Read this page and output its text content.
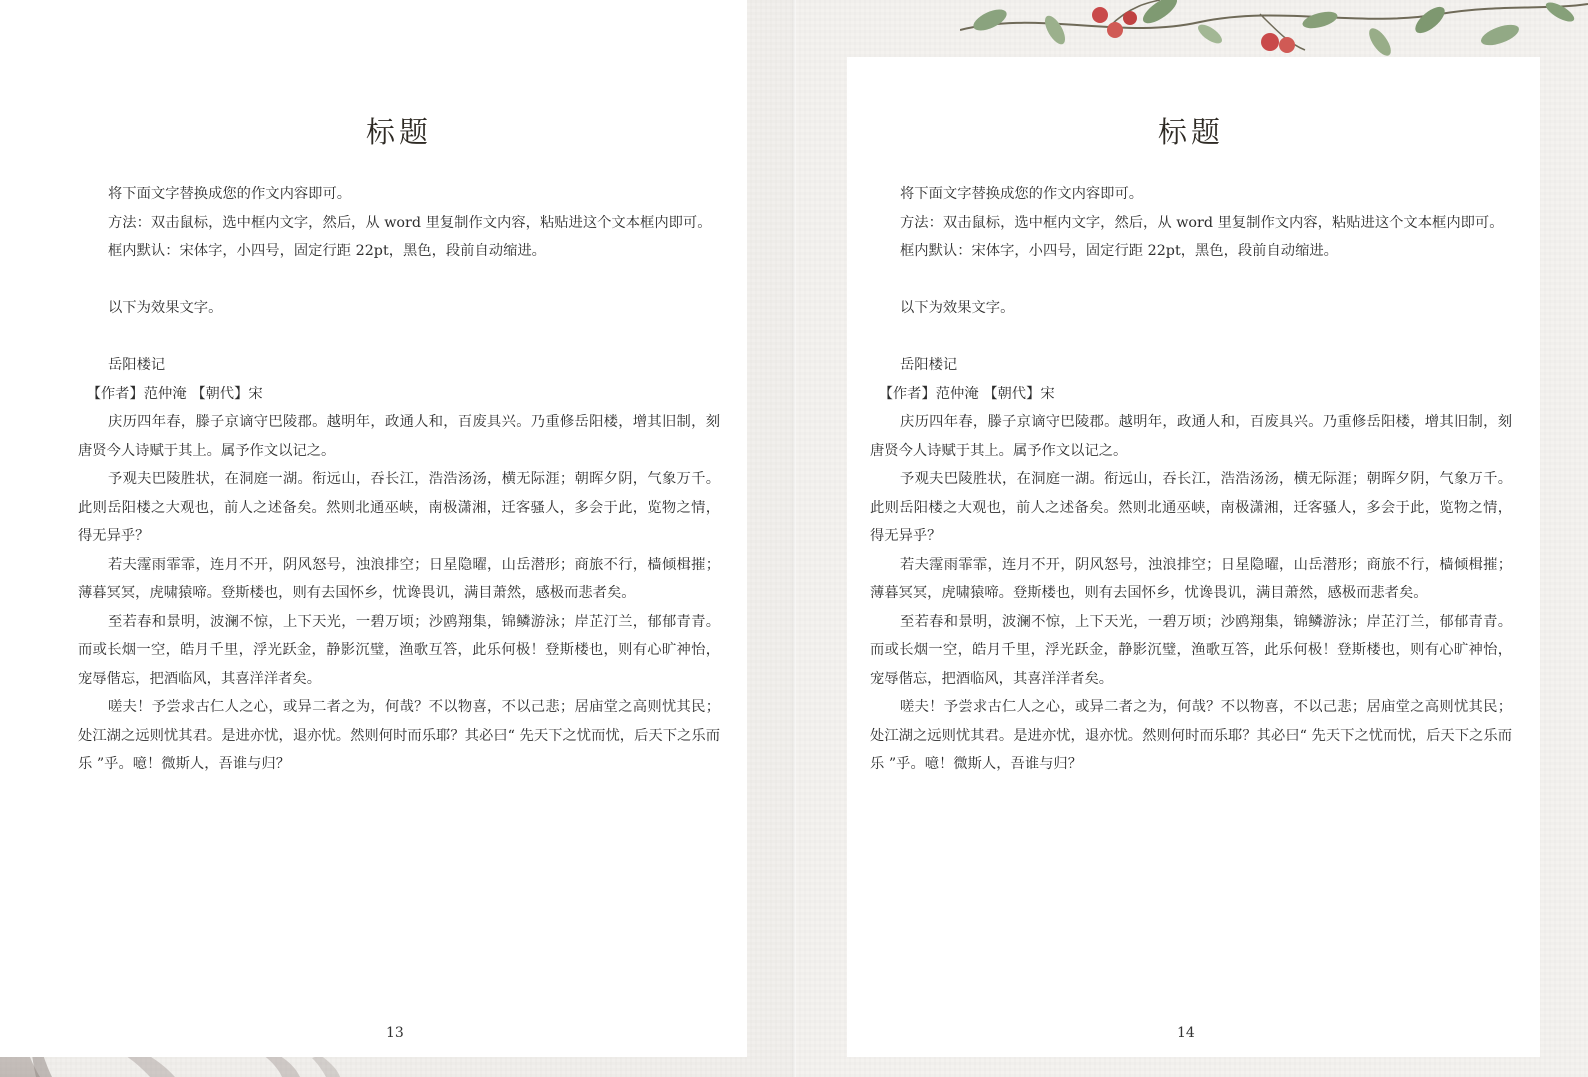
标题

将下面文字替换成您的作文内容即可。

方法：双击鼠标，选中框内文字，然后，从 word 里复制作文内容，粘贴进这个文本框内即可。

框内默认：宋体字，小四号，固定行距 22pt，黑色，段前自动缩进。

以下为效果文字。

岳阳楼记

【作者】范仲淹 【朝代】宋

庆历四年春，滕子京谪守巴陵郡。越明年，政通人和，百废具兴。乃重修岳阳楼，增其旧制，刻唐贤今人诗赋于其上。属予作文以记之。

予观夫巴陵胜状，在洞庭一湖。衔远山，吞长江，浩浩汤汤，横无际涯；朝晖夕阴，气象万千。此则岳阳楼之大观也，前人之述备矣。然则北通巫峡，南极潇湘，迁客骚人，多会于此，览物之情，得无异乎？

若夫霪雨霏霏，连月不开，阴风怒号，浊浪排空；日星隐曜，山岳潜形；商旅不行，樯倾楫摧；薄暮冥冥，虎啸猿啼。登斯楼也，则有去国怀乡，忧谗畏讥，满目萧然，感极而悲者矣。

至若春和景明，波澜不惊，上下天光，一碧万顷；沙鸥翔集，锦鳞游泳；岸芷汀兰，郁郁青青。而或长烟一空，皓月千里，浮光跃金，静影沉璧，渔歌互答，此乐何极！登斯楼也，则有心旷神怡，宠辱偕忘，把酒临风，其喜洋洋者矣。

嗟夫！予尝求古仁人之心，或异二者之为，何哉？不以物喜，不以己悲；居庙堂之高则忧其民；处江湖之远则忧其君。是进亦忧，退亦忧。然则何时而乐耶？其必曰“ 先天下之忧而忧，后天下之乐而乐 ”乎。噫！微斯人，吾谁与归？

13
标题

将下面文字替换成您的作文内容即可。

方法：双击鼠标，选中框内文字，然后，从 word 里复制作文内容，粘贴进这个文本框内即可。

框内默认：宋体字，小四号，固定行距 22pt，黑色，段前自动缩进。

以下为效果文字。

岳阳楼记

【作者】范仲淹 【朝代】宋

庆历四年春，滕子京谪守巴陵郡。越明年，政通人和，百废具兴。乃重修岳阳楼，增其旧制，刻唐贤今人诗赋于其上。属予作文以记之。

予观夫巴陵胜状，在洞庭一湖。衔远山，吞长江，浩浩汤汤，横无际涯；朝晖夕阴，气象万千。此则岳阳楼之大观也，前人之述备矣。然则北通巫峡，南极潇湘，迁客骚人，多会于此，览物之情，得无异乎？

若夫霪雨霏霏，连月不开，阴风怒号，浊浪排空；日星隐曜，山岳潜形；商旅不行，樯倾楫摧；薄暮冥冥，虎啸猿啼。登斯楼也，则有去国怀乡，忧谗畏讥，满目萧然，感极而悲者矣。

至若春和景明，波澜不惊，上下天光，一碧万顷；沙鸥翔集，锦鳞游泳；岸芷汀兰，郁郁青青。而或长烟一空，皓月千里，浮光跃金，静影沉璧，渔歌互答，此乐何极！登斯楼也，则有心旷神怡，宠辱偕忘，把酒临风，其喜洋洋者矣。

嗟夫！予尝求古仁人之心，或异二者之为，何哉？不以物喜，不以己悲；居庙堂之高则忧其民；处江湖之远则忧其君。是进亦忧，退亦忧。然则何时而乐耶？其必曰“ 先天下之忧而忧，后天下之乐而乐 ”乎。噫！微斯人，吾谁与归？

14
